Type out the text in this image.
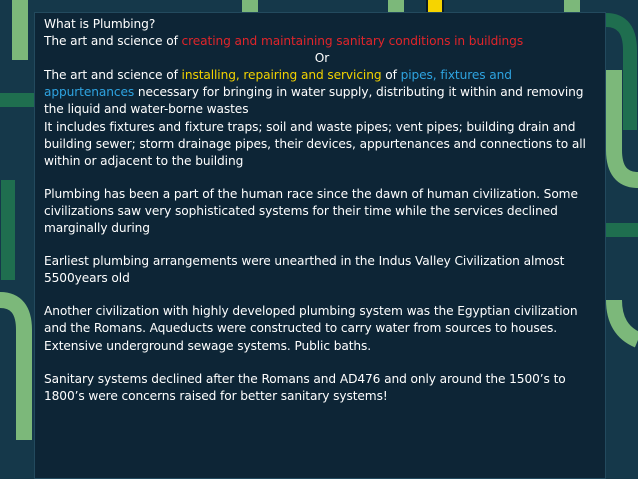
What is Plumbing?

The art and science of creating and maintaining sanitary conditions in buildings

Or

The art and science of installing, repairing and servicing of pipes, fixtures and appurtenances necessary for bringing in water supply, distributing it within and removing the liquid and water-borne wastes

It includes fixtures and fixture traps; soil and waste pipes; vent pipes; building drain and building sewer; storm drainage pipes, their devices, appurtenances and connections to all within or adjacent to the building

Plumbing has been a part of the human race since the dawn of human civilization. Some civilizations saw very sophisticated systems for their time while the services declined marginally during

Earliest plumbing arrangements were unearthed in the Indus Valley Civilization almost 5500years old

Another civilization with highly developed plumbing system was the Egyptian civilization and the Romans. Aqueducts were constructed to carry water from sources to houses. Extensive underground sewage systems. Public baths.

Sanitary systems declined after the Romans and AD476 and only around the 1500’s to 1800’s were concerns raised for better sanitary systems!
